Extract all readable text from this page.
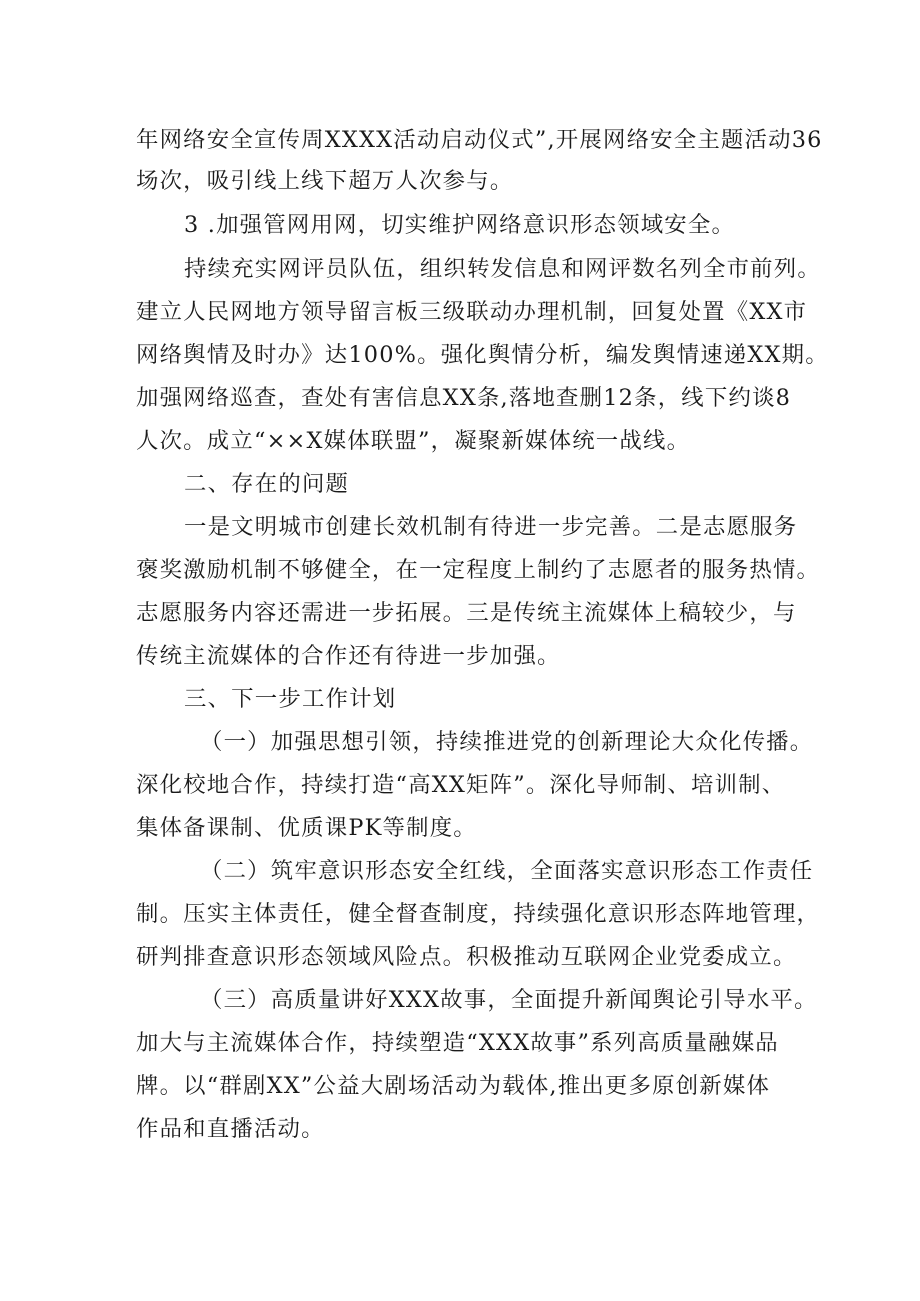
年网络安全宣传周XXXX活动启动仪式”,开展网络安全主题活动36
场次，吸引线上线下超万人次参与。
3 .加强管网用网，切实维护网络意识形态领域安全。
持续充实网评员队伍，组织转发信息和网评数名列全市前列。
建立人民网地方领导留言板三级联动办理机制，回复处置《XX市
网络舆情及时办》达100%。强化舆情分析，编发舆情速递XX期。
加强网络巡查，查处有害信息XX条,落地查删12条，线下约谈8
人次。成立“××X媒体联盟”，凝聚新媒体统一战线。
二、存在的问题
一是文明城市创建长效机制有待进一步完善。二是志愿服务
褒奖激励机制不够健全，在一定程度上制约了志愿者的服务热情。
志愿服务内容还需进一步拓展。三是传统主流媒体上稿较少，与
传统主流媒体的合作还有待进一步加强。
三、下一步工作计划
（一）加强思想引领，持续推进党的创新理论大众化传播。
深化校地合作，持续打造“高XX矩阵”。深化导师制、培训制、
集体备课制、优质课PK等制度。
（二）筑牢意识形态安全红线，全面落实意识形态工作责任
制。压实主体责任，健全督查制度，持续强化意识形态阵地管理，
研判排查意识形态领域风险点。积极推动互联网企业党委成立。
（三）高质量讲好XXX故事，全面提升新闻舆论引导水平。
加大与主流媒体合作，持续塑造“XXX故事”系列高质量融媒品
牌。以“群剧XX”公益大剧场活动为载体,推出更多原创新媒体
作品和直播活动。
